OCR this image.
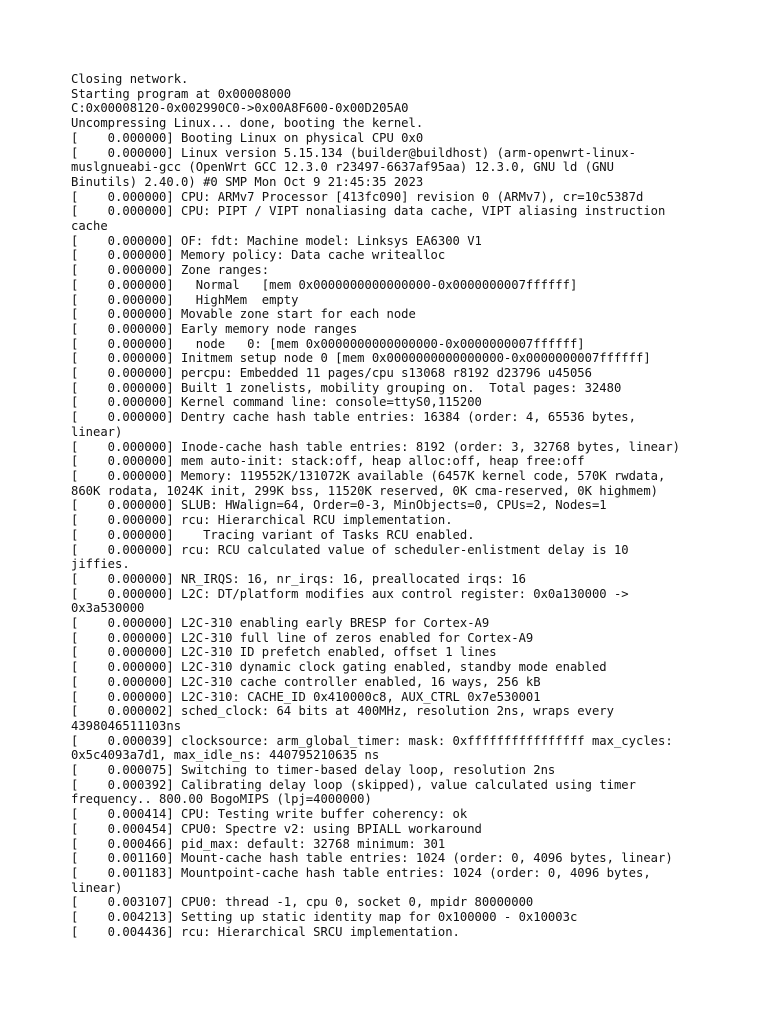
Closing network.
Starting program at 0x00008000
C:0x00008120-0x002990C0->0x00A8F600-0x00D205A0
Uncompressing Linux... done, booting the kernel.
[    0.000000] Booting Linux on physical CPU 0x0
[    0.000000] Linux version 5.15.134 (builder@buildhost) (arm-openwrt-linux-
muslgnueabi-gcc (OpenWrt GCC 12.3.0 r23497-6637af95aa) 12.3.0, GNU ld (GNU
Binutils) 2.40.0) #0 SMP Mon Oct 9 21:45:35 2023
[    0.000000] CPU: ARMv7 Processor [413fc090] revision 0 (ARMv7), cr=10c5387d
[    0.000000] CPU: PIPT / VIPT nonaliasing data cache, VIPT aliasing instruction
cache
[    0.000000] OF: fdt: Machine model: Linksys EA6300 V1
[    0.000000] Memory policy: Data cache writealloc
[    0.000000] Zone ranges:
[    0.000000]   Normal   [mem 0x0000000000000000-0x0000000007ffffff]
[    0.000000]   HighMem  empty
[    0.000000] Movable zone start for each node
[    0.000000] Early memory node ranges
[    0.000000]   node   0: [mem 0x0000000000000000-0x0000000007ffffff]
[    0.000000] Initmem setup node 0 [mem 0x0000000000000000-0x0000000007ffffff]
[    0.000000] percpu: Embedded 11 pages/cpu s13068 r8192 d23796 u45056
[    0.000000] Built 1 zonelists, mobility grouping on.  Total pages: 32480
[    0.000000] Kernel command line: console=ttyS0,115200
[    0.000000] Dentry cache hash table entries: 16384 (order: 4, 65536 bytes,
linear)
[    0.000000] Inode-cache hash table entries: 8192 (order: 3, 32768 bytes, linear)
[    0.000000] mem auto-init: stack:off, heap alloc:off, heap free:off
[    0.000000] Memory: 119552K/131072K available (6457K kernel code, 570K rwdata,
860K rodata, 1024K init, 299K bss, 11520K reserved, 0K cma-reserved, 0K highmem)
[    0.000000] SLUB: HWalign=64, Order=0-3, MinObjects=0, CPUs=2, Nodes=1
[    0.000000] rcu: Hierarchical RCU implementation.
[    0.000000]    Tracing variant of Tasks RCU enabled.
[    0.000000] rcu: RCU calculated value of scheduler-enlistment delay is 10
jiffies.
[    0.000000] NR_IRQS: 16, nr_irqs: 16, preallocated irqs: 16
[    0.000000] L2C: DT/platform modifies aux control register: 0x0a130000 ->
0x3a530000
[    0.000000] L2C-310 enabling early BRESP for Cortex-A9
[    0.000000] L2C-310 full line of zeros enabled for Cortex-A9
[    0.000000] L2C-310 ID prefetch enabled, offset 1 lines
[    0.000000] L2C-310 dynamic clock gating enabled, standby mode enabled
[    0.000000] L2C-310 cache controller enabled, 16 ways, 256 kB
[    0.000000] L2C-310: CACHE_ID 0x410000c8, AUX_CTRL 0x7e530001
[    0.000002] sched_clock: 64 bits at 400MHz, resolution 2ns, wraps every
4398046511103ns
[    0.000039] clocksource: arm_global_timer: mask: 0xffffffffffffffff max_cycles:
0x5c4093a7d1, max_idle_ns: 440795210635 ns
[    0.000075] Switching to timer-based delay loop, resolution 2ns
[    0.000392] Calibrating delay loop (skipped), value calculated using timer
frequency.. 800.00 BogoMIPS (lpj=4000000)
[    0.000414] CPU: Testing write buffer coherency: ok
[    0.000454] CPU0: Spectre v2: using BPIALL workaround
[    0.000466] pid_max: default: 32768 minimum: 301
[    0.001160] Mount-cache hash table entries: 1024 (order: 0, 4096 bytes, linear)
[    0.001183] Mountpoint-cache hash table entries: 1024 (order: 0, 4096 bytes,
linear)
[    0.003107] CPU0: thread -1, cpu 0, socket 0, mpidr 80000000
[    0.004213] Setting up static identity map for 0x100000 - 0x10003c
[    0.004436] rcu: Hierarchical SRCU implementation.
